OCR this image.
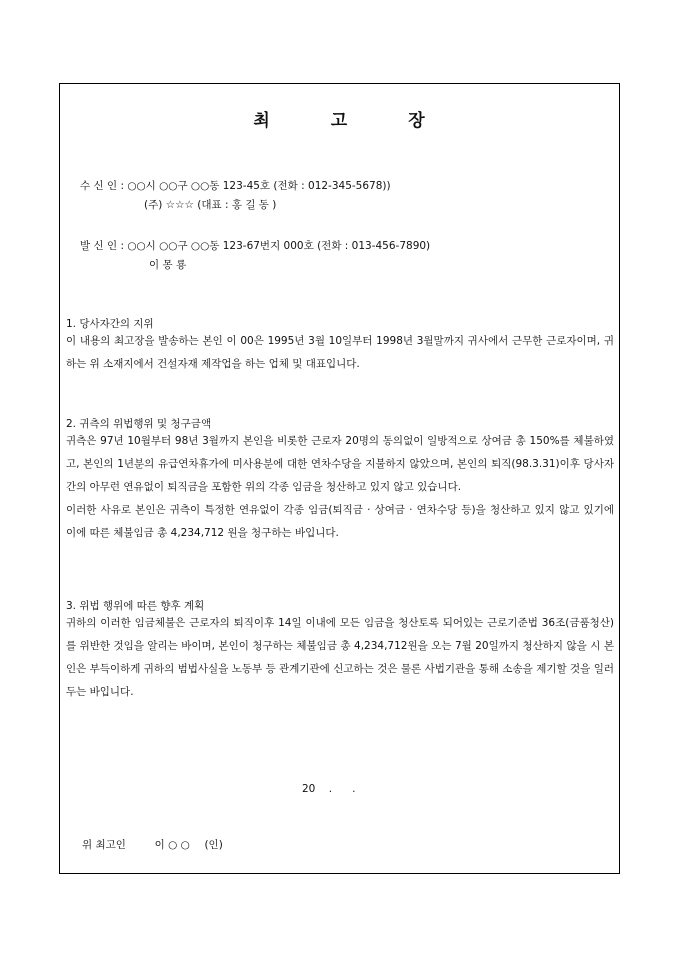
최	고	장
수 신 인 : ○○시 ○○구 ○○동 123-45호 (전화 : 012-345-5678))
(주) ☆☆☆ (대표 : 홍 길 동 )
발 신 인 : ○○시 ○○구 ○○동 123-67번지 000호 (전화 : 013-456-7890)
이 몽 룡
1. 당사자간의 지위

이 내용의 최고장을 발송하는 본인 이 00은 1995년 3월 10일부터 1998년 3월말까지 귀사에서 근무한 근로자이며, 귀하는 위 소재지에서 건설자재 제작업을 하는 업체 및 대표입니다.

2. 귀측의 위법행위 및 청구금액

귀측은 97년 10월부터 98년 3월까지 본인을 비롯한 근로자 20명의 동의없이 일방적으로 상여금 총 150%를 체불하였고, 본인의 1년분의 유급연차휴가에 미사용분에 대한 연차수당을 지불하지 않았으며, 본인의 퇴직(98.3.31)이후 당사자간의 아무런 연유없이 퇴직금을 포함한 위의 각종 임금을 청산하고 있지 않고 있습니다.

이러한 사유로 본인은 귀측이 특정한 연유없이 각종 임금(퇴직금 · 상여금 · 연차수당 등)을 청산하고 있지 않고 있기에 이에 따른 체불임금 총 4,234,712 원을 청구하는 바입니다.

3. 위법 행위에 따른 향후 계획

귀하의 이러한 임금체불은 근로자의 퇴직이후 14일 이내에 모든 임금을 청산토록 되어있는 근로기준법 36조(금품청산)를 위반한 것임을 알리는 바이며, 본인이 청구하는 체불임금 총 4,234,712원을 오는 7월 20일까지 청산하지 않을 시 본인은 부득이하게 귀하의 범법사실을 노동부 등 관계기관에 신고하는 것은 물론 사법기관을 통해 소송을 제기할 것을 일러두는 바입니다.

20    .      .
위 최고인	이 ○ ○ (인)
